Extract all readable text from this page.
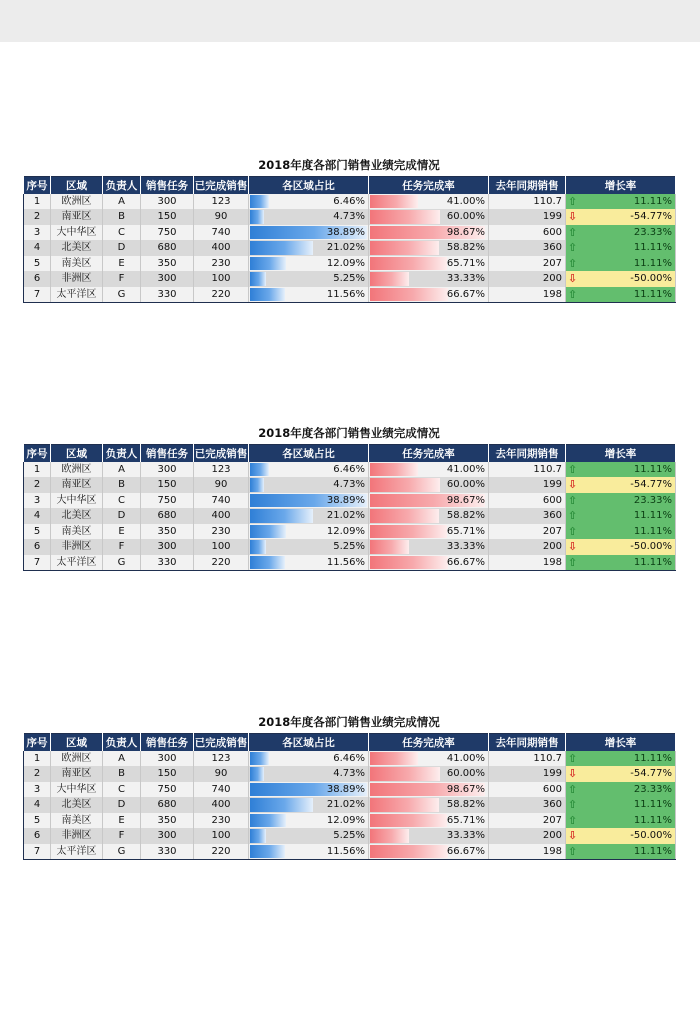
2018年度各部门销售业绩完成情况
序号	区域	负责人	销售任务	已完成销售	各区域占比	任务完成率	去年同期销售	增长率
1	欧洲区	A	300	123	6.46%	41.00%	110.7	⇧ 11.11%

2	南亚区	B	150	90	4.73%	60.00%	199	⇩ -54.77%

3	大中华区	C	750	740	38.89%	98.67%	600	⇧ 23.33%

4	北美区	D	680	400	21.02%	58.82%	360	⇧ 11.11%

5	南美区	E	350	230	12.09%	65.71%	207	⇧ 11.11%

6	非洲区	F	300	100	5.25%	33.33%	200	⇩ -50.00%

7	太平洋区	G	330	220	11.56%	66.67%	198	⇧ 11.11%
2018年度各部门销售业绩完成情况
序号	区域	负责人	销售任务	已完成销售	各区域占比	任务完成率	去年同期销售	增长率
1	欧洲区	A	300	123	6.46%	41.00%	110.7	⇧ 11.11%

2	南亚区	B	150	90	4.73%	60.00%	199	⇩ -54.77%

3	大中华区	C	750	740	38.89%	98.67%	600	⇧ 23.33%

4	北美区	D	680	400	21.02%	58.82%	360	⇧ 11.11%

5	南美区	E	350	230	12.09%	65.71%	207	⇧ 11.11%

6	非洲区	F	300	100	5.25%	33.33%	200	⇩ -50.00%

7	太平洋区	G	330	220	11.56%	66.67%	198	⇧ 11.11%
2018年度各部门销售业绩完成情况
序号	区域	负责人	销售任务	已完成销售	各区域占比	任务完成率	去年同期销售	增长率
1	欧洲区	A	300	123	6.46%	41.00%	110.7	⇧ 11.11%

2	南亚区	B	150	90	4.73%	60.00%	199	⇩ -54.77%

3	大中华区	C	750	740	38.89%	98.67%	600	⇧ 23.33%

4	北美区	D	680	400	21.02%	58.82%	360	⇧ 11.11%

5	南美区	E	350	230	12.09%	65.71%	207	⇧ 11.11%

6	非洲区	F	300	100	5.25%	33.33%	200	⇩ -50.00%

7	太平洋区	G	330	220	11.56%	66.67%	198	⇧ 11.11%
